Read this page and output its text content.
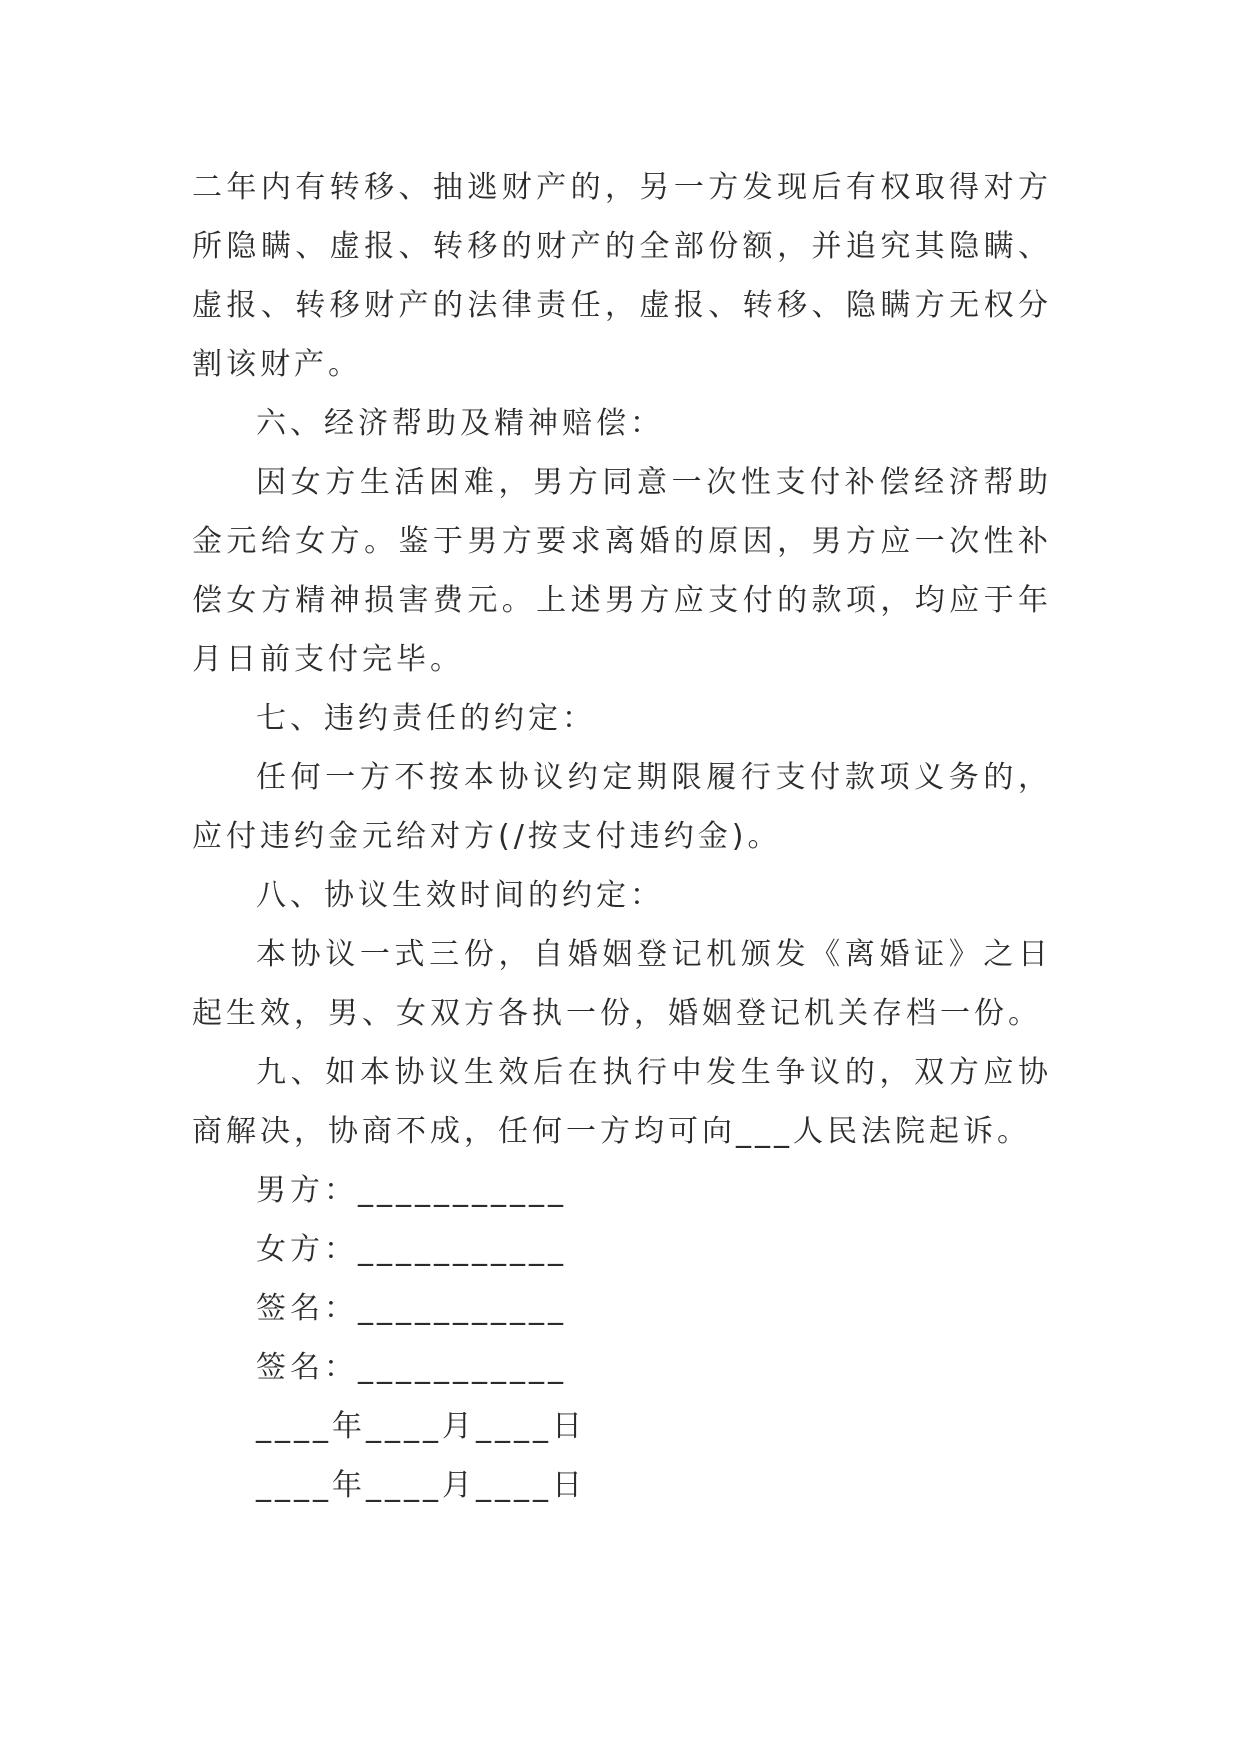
二年内有转移、抽逃财产的，另一方发现后有权取得对方所隐瞒、虚报、转移的财产的全部份额，并追究其隐瞒、虚报、转移财产的法律责任，虚报、转移、隐瞒方无权分割该财产。

六、经济帮助及精神赔偿：

因女方生活困难，男方同意一次性支付补偿经济帮助金元给女方。鉴于男方要求离婚的原因，男方应一次性补偿女方精神损害费元。上述男方应支付的款项，均应于年月日前支付完毕。

七、违约责任的约定：

任何一方不按本协议约定期限履行支付款项义务的，应付违约金元给对方(/按支付违约金)。

八、协议生效时间的约定：

本协议一式三份，自婚姻登记机颁发《离婚证》之日起生效，男、女双方各执一份，婚姻登记机关存档一份。

九、如本协议生效后在执行中发生争议的，双方应协商解决，协商不成，任何一方均可向___人民法院起诉。

男方：___________

女方：___________

签名：___________

签名：___________

____年____月____日

____年____月____日
